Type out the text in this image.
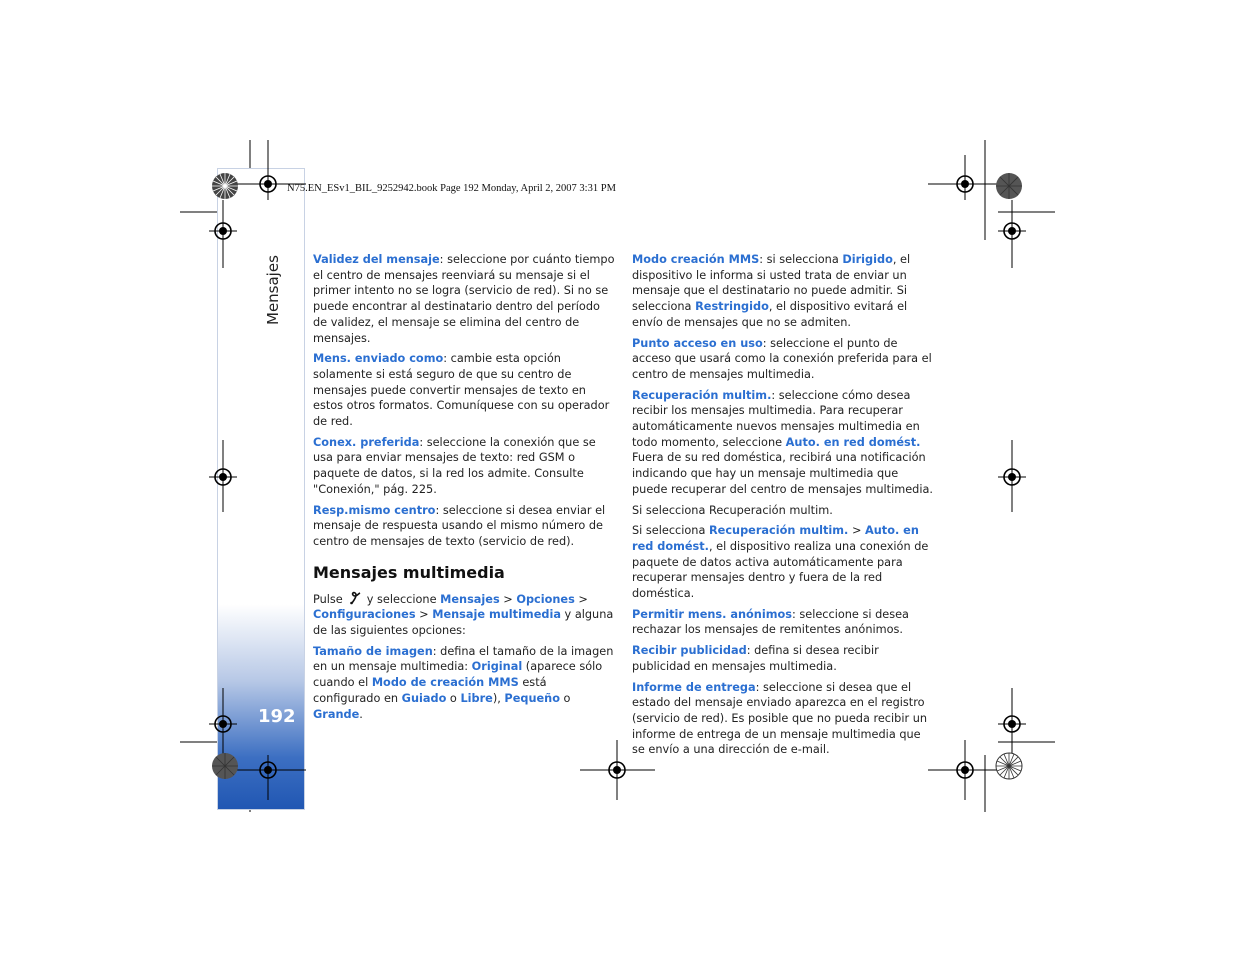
Mensajes
192
N75.EN_ESv1_BIL_9252942.book Page 192 Monday, April 2, 2007 3:31 PM

Validez del mensaje: seleccione por cuánto tiempo el centro de mensajes reenviará su mensaje si el primer intento no se logra (servicio de red). Si no se puede encontrar al destinatario dentro del período de validez, el mensaje se elimina del centro de mensajes.

Mens. enviado como: cambie esta opción solamente si está seguro de que su centro de mensajes puede convertir mensajes de texto en estos otros formatos. Comuníquese con su operador de red.

Conex. preferida: seleccione la conexión que se usa para enviar mensajes de texto: red GSM o paquete de datos, si la red los admite. Consulte "Conexión," pág. 225.

Resp.mismo centro: seleccione si desea enviar el mensaje de respuesta usando el mismo número de centro de mensajes de texto (servicio de red).

Mensajes multimedia

Pulse y seleccione Mensajes > Opciones > Configuraciones > Mensaje multimedia y alguna de las siguientes opciones:

Tamaño de imagen: defina el tamaño de la imagen en un mensaje multimedia: Original (aparece sólo cuando el Modo de creación MMS está configurado en Guiado o Libre), Pequeño o Grande.

Modo creación MMS: si selecciona Dirigido, el dispositivo le informa si usted trata de enviar un mensaje que el destinatario no puede admitir. Si selecciona Restringido, el dispositivo evitará el envío de mensajes que no se admiten.

Punto acceso en uso: seleccione el punto de acceso que usará como la conexión preferida para el centro de mensajes multimedia.

Recuperación multim.: seleccione cómo desea recibir los mensajes multimedia. Para recuperar automáticamente nuevos mensajes multimedia en todo momento, seleccione Auto. en red domést. Fuera de su red doméstica, recibirá una notificación indicando que hay un mensaje multimedia que puede recuperar del centro de mensajes multimedia.

Si selecciona Recuperación multim.

Si selecciona Recuperación multim. > Auto. en red domést., el dispositivo realiza una conexión de paquete de datos activa automáticamente para recuperar mensajes dentro y fuera de la red doméstica.

Permitir mens. anónimos: seleccione si desea rechazar los mensajes de remitentes anónimos.

Recibir publicidad: defina si desea recibir publicidad en mensajes multimedia.

Informe de entrega: seleccione si desea que el estado del mensaje enviado aparezca en el registro (servicio de red). Es posible que no pueda recibir un informe de entrega de un mensaje multimedia que se envío a una dirección de e-mail.
